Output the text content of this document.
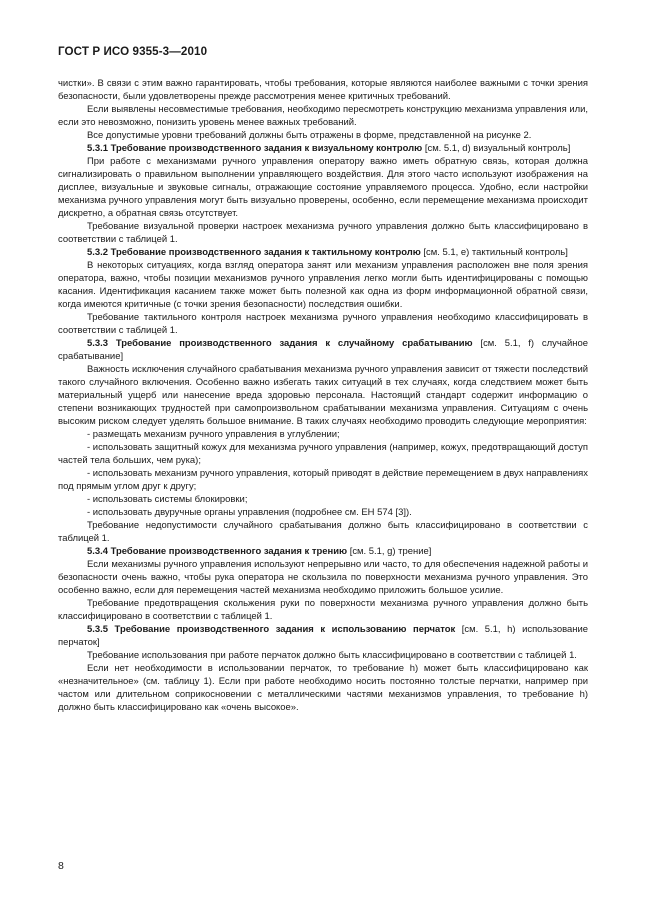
ГОСТ Р ИСО 9355-3—2010

чистки». В связи с этим важно гарантировать, чтобы требования, которые являются наиболее важными с точки зрения безопасности, были удовлетворены прежде рассмотрения менее критичных требований.

Если выявлены несовместимые требования, необходимо пересмотреть конструкцию механизма управления или, если это невозможно, понизить уровень менее важных требований.

Все допустимые уровни требований должны быть отражены в форме, представленной на рисунке 2.

5.3.1 Требование производственного задания к визуальному контролю [см. 5.1, d) визуальный контроль]

При работе с механизмами ручного управления оператору важно иметь обратную связь, которая должна сигнализировать о правильном выполнении управляющего воздействия. Для этого часто используют изображения на дисплее, визуальные и звуковые сигналы, отражающие состояние управляемого процесса. Удобно, если настройки механизма ручного управления могут быть визуально проверены, особенно, если перемещение механизма происходит дискретно, а обратная связь отсутствует.

Требование визуальной проверки настроек механизма ручного управления должно быть классифицировано в соответствии с таблицей 1.

5.3.2 Требование производственного задания к тактильному контролю [см. 5.1, е) тактильный контроль]

В некоторых ситуациях, когда взгляд оператора занят или механизм управления расположен вне поля зрения оператора, важно, чтобы позиции механизмов ручного управления легко могли быть идентифицированы с помощью касания. Идентификация касанием также может быть полезной как одна из форм информационной обратной связи, когда имеются критичные (с точки зрения безопасности) последствия ошибки.

Требование тактильного контроля настроек механизма ручного управления необходимо классифицировать в соответствии с таблицей 1.

5.3.3 Требование производственного задания к случайному срабатыванию [см. 5.1, f) случайное срабатывание]

Важность исключения случайного срабатывания механизма ручного управления зависит от тяжести последствий такого случайного включения. Особенно важно избегать таких ситуаций в тех случаях, когда следствием может быть материальный ущерб или нанесение вреда здоровью персонала. Настоящий стандарт содержит информацию о степени возникающих трудностей при самопроизвольном срабатывании механизма управления. Ситуациям с очень высоким риском следует уделять большое внимание. В таких случаях необходимо проводить следующие мероприятия:

- размещать механизм ручного управления в углублении;

- использовать защитный кожух для механизма ручного управления (например, кожух, предотвращающий доступ частей тела больших, чем рука);

- использовать механизм ручного управления, который приводят в действие перемещением в двух направлениях под прямым углом друг к другу;

- использовать системы блокировки;

- использовать двуручные органы управления (подробнее см. ЕН 574 [3]).

Требование недопустимости случайного срабатывания должно быть классифицировано в соответствии с таблицей 1.

5.3.4 Требование производственного задания к трению [см. 5.1, g) трение]

Если механизмы ручного управления используют непрерывно или часто, то для обеспечения надежной работы и безопасности очень важно, чтобы рука оператора не скользила по поверхности механизма ручного управления. Это особенно важно, если для перемещения частей механизма необходимо приложить большое усилие.

Требование предотвращения скольжения руки по поверхности механизма ручного управления должно быть классифицировано в соответствии с таблицей 1.

5.3.5 Требование производственного задания к использованию перчаток [см. 5.1, h) использование перчаток]

Требование использования при работе перчаток должно быть классифицировано в соответствии с таблицей 1.

Если нет необходимости в использовании перчаток, то требование h) может быть классифицировано как «незначительное» (см. таблицу 1). Если при работе необходимо носить постоянно толстые перчатки, например при частом или длительном соприкосновении с металлическими частями механизмов управления, то требование h) должно быть классифицировано как «очень высокое».

8
